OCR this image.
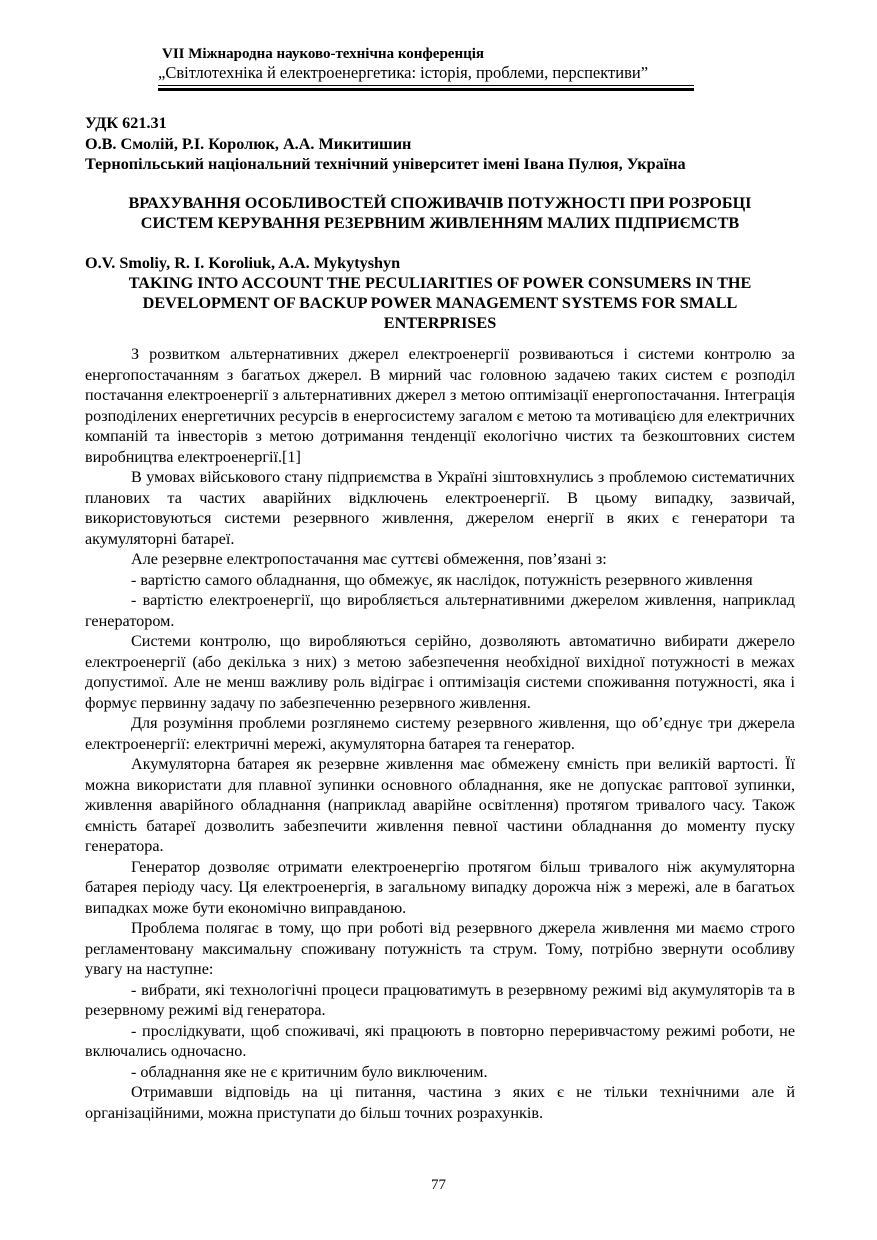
VII Міжнародна науково-технічна конференція
„Світлотехніка й електроенергетика: історія, проблеми, перспективи”
УДК 621.31
О.В. Смолій, Р.І. Королюк, А.А. Микитишин
Тернопільський національний технічний університет імені Івана Пулюя, Україна
ВРАХУВАННЯ ОСОБЛИВОСТЕЙ СПОЖИВАЧІВ ПОТУЖНОСТІ ПРИ РОЗРОБЦІ
СИСТЕМ КЕРУВАННЯ РЕЗЕРВНИМ ЖИВЛЕННЯМ МАЛИХ ПІДПРИЄМСТВ
O.V. Smoliy, R. I. Koroliuk, A.A. Mykytyshyn
TAKING INTO ACCOUNT THE PECULIARITIES OF POWER CONSUMERS IN THE
DEVELOPMENT OF BACKUP POWER MANAGEMENT SYSTEMS FOR SMALL
ENTERPRISES

З розвитком альтернативних джерел електроенергії розвиваються і системи контролю за енергопостачанням з багатьох джерел. В мирний час головною задачею таких систем є розподіл постачання електроенергії з альтернативних джерел з метою оптимізації енергопостачання. Інтеграція розподілених енергетичних ресурсів в енергосистему загалом є метою та мотивацією для електричних компаній та інвесторів з метою дотримання тенденції екологічно чистих та безкоштовних систем виробництва електроенергії.[1]

В умовах військового стану підприємства в Україні зіштовхнулись з проблемою систематичних планових та частих аварійних відключень електроенергії. В цьому випадку, зазвичай, використовуються системи резервного живлення, джерелом енергії в яких є генератори та акумуляторні батареї.

Але резервне електропостачання має суттєві обмеження, пов’язані з:

- вартістю самого обладнання, що обмежує, як наслідок, потужність резервного живлення

- вартістю електроенергії, що виробляється альтернативними джерелом живлення, наприклад генератором.

Системи контролю, що виробляються серійно, дозволяють автоматично вибирати джерело електроенергії (або декілька з них) з метою забезпечення необхідної вихідної потужності в межах допустимої. Але не менш важливу роль відіграє і оптимізація системи споживання потужності, яка і формує первинну задачу по забезпеченню резервного живлення.

Для розуміння проблеми розглянемо систему резервного живлення, що об’єднує три джерела електроенергії: електричні мережі, акумуляторна батарея та генератор.

Акумуляторна батарея як резервне живлення має обмежену ємність при великій вартості. Її можна використати для плавної зупинки основного обладнання, яке не допускає раптової зупинки, живлення аварійного обладнання (наприклад аварійне освітлення) протягом тривалого часу. Також ємність батареї дозволить забезпечити живлення певної частини обладнання до моменту пуску генератора.

Генератор дозволяє отримати електроенергію протягом більш тривалого ніж акумуляторна батарея періоду часу. Ця електроенергія, в загальному випадку дорожча ніж з мережі, але в багатьох випадках може бути економічно виправданою.

Проблема полягає в тому, що при роботі від резервного джерела живлення ми маємо строго регламентовану максимальну споживану потужність та струм. Тому, потрібно звернути особливу увагу на наступне:

- вибрати, які технологічні процеси працюватимуть в резервному режимі від акумуляторів та в резервному режимі від генератора.

- прослідкувати, щоб споживачі, які працюють в повторно переривчастому режимі роботи, не включались одночасно.

- обладнання яке не є критичним було виключеним.

Отримавши відповідь на ці питання, частина з яких є не тільки технічними але й організаційними, можна приступати до більш точних розрахунків.

77
